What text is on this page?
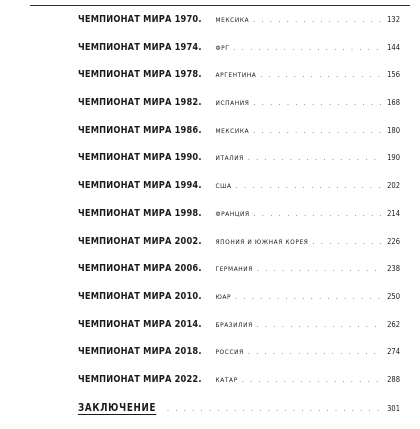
ЧЕМПИОНАТ МИРА 1970. МЕКСИКА . . .	132
ЧЕМПИОНАТ МИРА 1974. ФРГ . . .	144
ЧЕМПИОНАТ МИРА 1978. АРГЕНТИНА . . .	156
ЧЕМПИОНАТ МИРА 1982. ИСПАНИЯ . . .	168
ЧЕМПИОНАТ МИРА 1986. МЕКСИКА . . .	180
ЧЕМПИОНАТ МИРА 1990. ИТАЛИЯ . . .	190
ЧЕМПИОНАТ МИРА 1994. США . . .	202
ЧЕМПИОНАТ МИРА 1998. ФРАНЦИЯ . . .	214
ЧЕМПИОНАТ МИРА 2002. ЯПОНИЯ И ЮЖНАЯ КОРЕЯ . . .	226
ЧЕМПИОНАТ МИРА 2006. ГЕРМАНИЯ . . .	238
ЧЕМПИОНАТ МИРА 2010. ЮАР . . .	250
ЧЕМПИОНАТ МИРА 2014. БРАЗИЛИЯ . . .	262
ЧЕМПИОНАТ МИРА 2018. РОССИЯ . . .	274
ЧЕМПИОНАТ МИРА 2022. КАТАР . . .	288
ЗАКЛЮЧЕНИЕ . . .	301
